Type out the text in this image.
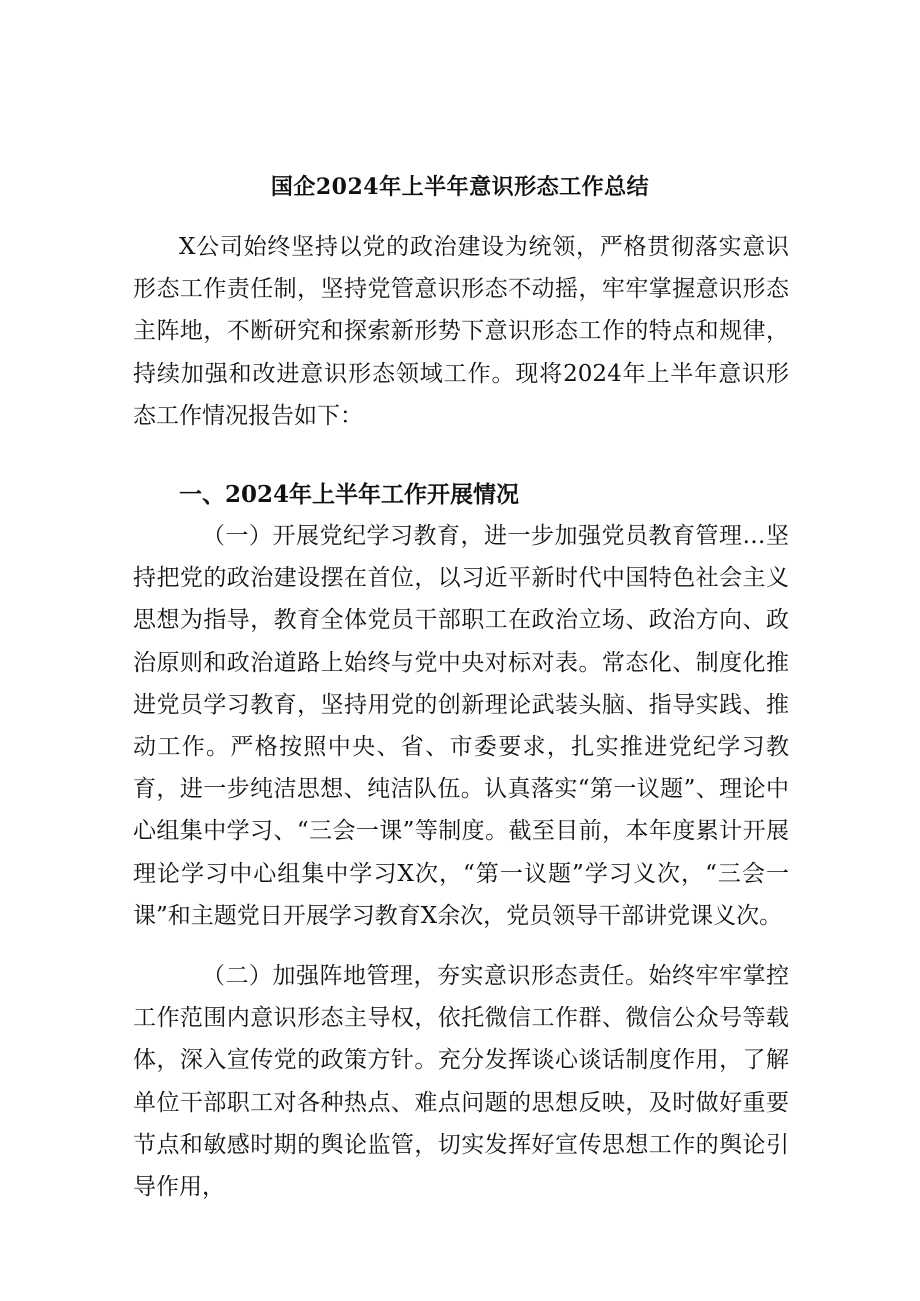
国企2024年上半年意识形态工作总结

X公司始终坚持以党的政治建设为统领，严格贯彻落实意识形态工作责任制，坚持党管意识形态不动摇，牢牢掌握意识形态主阵地，不断研究和探索新形势下意识形态工作的特点和规律，持续加强和改进意识形态领域工作。现将2024年上半年意识形态工作情况报告如下：

一、2024年上半年工作开展情况

（一）开展党纪学习教育，进一步加强党员教育管理…坚持把党的政治建设摆在首位，以习近平新时代中国特色社会主义思想为指导，教育全体党员干部职工在政治立场、政治方向、政治原则和政治道路上始终与党中央对标对表。常态化、制度化推进党员学习教育，坚持用党的创新理论武装头脑、指导实践、推动工作。严格按照中央、省、市委要求，扎实推进党纪学习教育，进一步纯洁思想、纯洁队伍。认真落实“第一议题”、理论中心组集中学习、“三会一课”等制度。截至目前，本年度累计开展理论学习中心组集中学习X次，“第一议题”学习义次，“三会一课”和主题党日开展学习教育X余次，党员领导干部讲党课义次。

（二）加强阵地管理，夯实意识形态责任。始终牢牢掌控工作范围内意识形态主导权，依托微信工作群、微信公众号等载体，深入宣传党的政策方针。充分发挥谈心谈话制度作用，了解单位干部职工对各种热点、难点问题的思想反映，及时做好重要节点和敏感时期的舆论监管，切实发挥好宣传思想工作的舆论引导作用，
